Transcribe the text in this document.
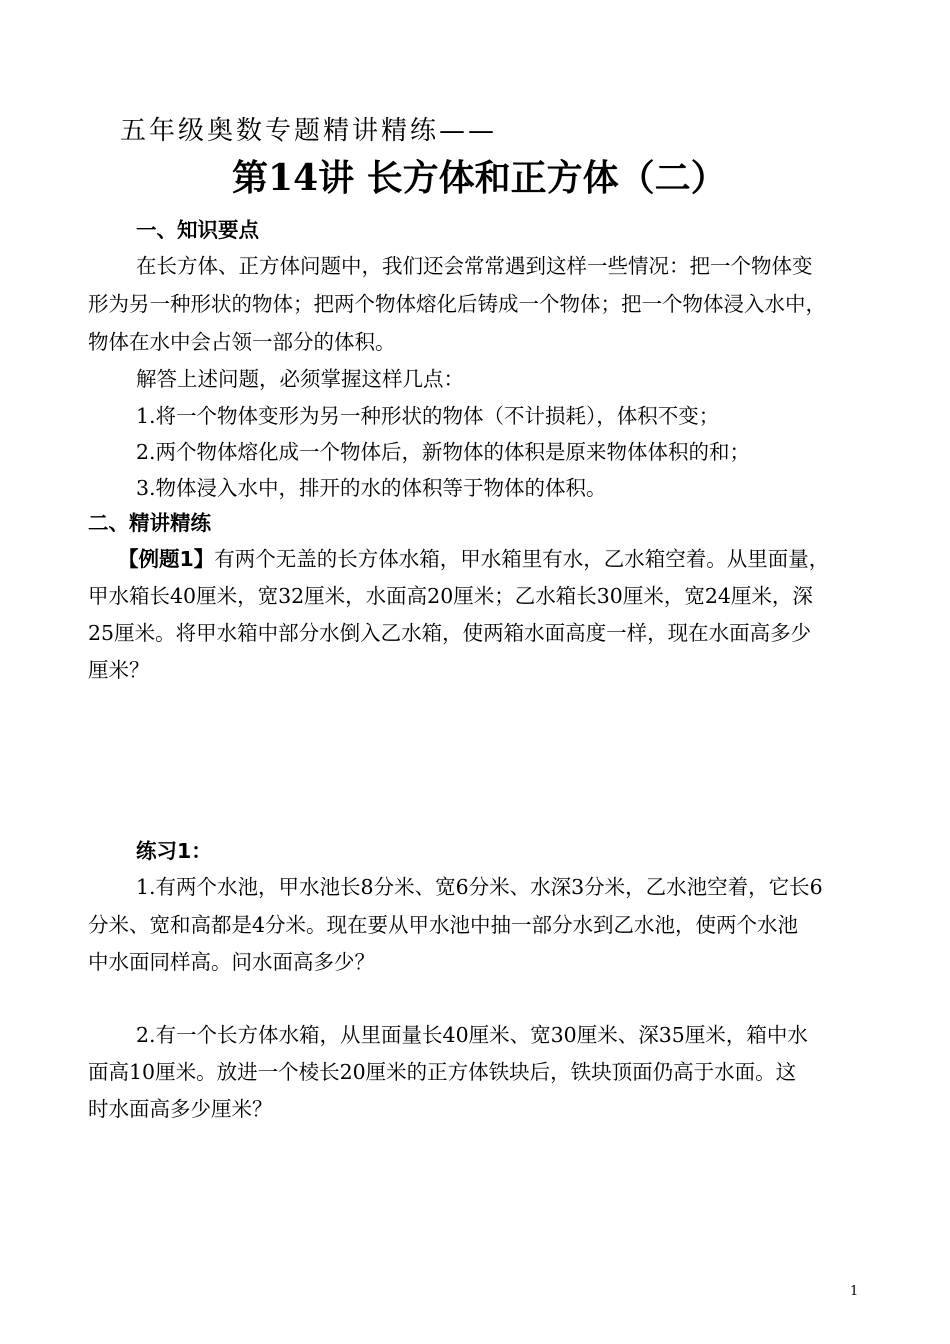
五年级奥数专题精讲精练——
第14讲 长方体和正方体（二）
一、知识要点
在长方体、正方体问题中，我们还会常常遇到这样一些情况：把一个物体变
形为另一种形状的物体；把两个物体熔化后铸成一个物体；把一个物体浸入水中，
物体在水中会占领一部分的体积。
解答上述问题，必须掌握这样几点：
1.将一个物体变形为另一种形状的物体（不计损耗），体积不变；
2.两个物体熔化成一个物体后，新物体的体积是原来物体体积的和；
3.物体浸入水中，排开的水的体积等于物体的体积。
二、精讲精练
【例题1】有两个无盖的长方体水箱，甲水箱里有水，乙水箱空着。从里面量，
甲水箱长40厘米，宽32厘米，水面高20厘米；乙水箱长30厘米，宽24厘米，深
25厘米。将甲水箱中部分水倒入乙水箱，使两箱水面高度一样，现在水面高多少
厘米？
练习1：
1.有两个水池，甲水池长8分米、宽6分米、水深3分米，乙水池空着，它长6
分米、宽和高都是4分米。现在要从甲水池中抽一部分水到乙水池，使两个水池
中水面同样高。问水面高多少？
2.有一个长方体水箱，从里面量长40厘米、宽30厘米、深35厘米，箱中水
面高10厘米。放进一个棱长20厘米的正方体铁块后，铁块顶面仍高于水面。这
时水面高多少厘米？
1
